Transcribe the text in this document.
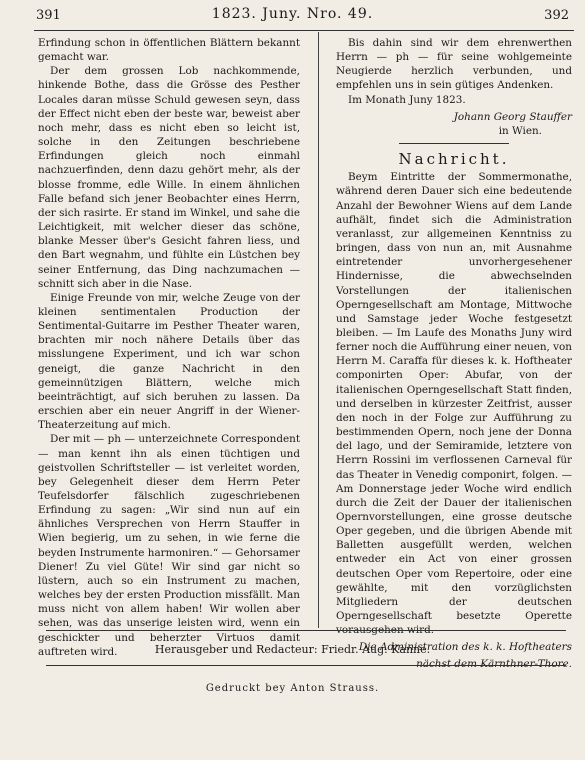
391	1823. Juny. Nro. 49.	392

Erfindung schon in öffentlichen Blättern bekannt gemacht war.

Der dem grossen Lob nachkommende, hinkende Bothe, dass die Grösse des Pesther Locales daran müsse Schuld gewesen seyn, dass der Effect nicht eben der beste war, beweist aber noch mehr, dass es nicht eben so leicht ist, solche in den Zeitungen beschriebene Erfindungen gleich noch einmahl nachzuerfinden, denn dazu gehört mehr, als der blosse fromme, edle Wille. In einem ähnlichen Falle befand sich jener Beobachter eines Herrn, der sich rasirte. Er stand im Winkel, und sahe die Leichtigkeit, mit welcher dieser das schöne, blanke Messer über's Gesicht fahren liess, und den Bart wegnahm, und fühlte ein Lüstchen bey seiner Entfernung, das Ding nachzumachen — schnitt sich aber in die Nase.

Einige Freunde von mir, welche Zeuge von der kleinen sentimentalen Production der Sentimental-Guitarre im Pesther Theater waren, brachten mir noch nähere Details über das misslungene Experiment, und ich war schon geneigt, die ganze Nachricht in den gemeinnützigen Blättern, welche mich beeinträchtigt, auf sich beruhen zu lassen. Da erschien aber ein neuer Angriff in der Wiener-Theaterzeitung auf mich.

Der mit — ph — unterzeichnete Correspondent — man kennt ihn als einen tüchtigen und geistvollen Schriftsteller — ist verleitet worden, bey Gelegenheit dieser dem Herrn Peter Teufelsdorfer fälschlich zugeschriebenen Erfindung zu sagen: „Wir sind nun auf ein ähnliches Versprechen von Herrn Stauffer in Wien begierig, um zu sehen, in wie ferne die beyden Instrumente harmoniren.“ — Gehorsamer Diener! Zu viel Güte! Wir sind gar nicht so lüstern, auch so ein Instrument zu machen, welches bey der ersten Production missfällt. Man muss nicht von allem haben! Wir wollen aber sehen, was das unserige leisten wird, wenn ein geschickter und beherzter Virtuos damit auftreten wird.

Bis dahin sind wir dem ehrenwerthen Herrn — ph — für seine wohlgemeinte Neugierde herzlich verbunden, und empfehlen uns in sein gütiges Andenken.

Im Monath Juny 1823.

Johann Georg Stauffer

in Wien.

Nachricht.

Beym Eintritte der Sommermonathe, während deren Dauer sich eine bedeutende Anzahl der Bewohner Wiens auf dem Lande aufhält, findet sich die Administration veranlasst, zur allgemeinen Kenntniss zu bringen, dass von nun an, mit Ausnahme eintretender unvorhergesehener Hindernisse, die abwechselnden Vorstellungen der italienischen Operngesellschaft am Montage, Mittwoche und Samstage jeder Woche festgesetzt bleiben. — Im Laufe des Monaths Juny wird ferner noch die Aufführung einer neuen, von Herrn M. Caraffa für dieses k. k. Hoftheater componirten Oper: Abufar, von der italienischen Operngesellschaft Statt finden, und derselben in kürzester Zeitfrist, ausser den noch in der Folge zur Aufführung zu bestimmenden Opern, noch jene der Donna del lago, und der Semiramide, letztere von Herrn Rossini im verflossenen Carneval für das Theater in Venedig componirt, folgen. — Am Donnerstage jeder Woche wird endlich durch die Zeit der Dauer der italienischen Opernvorstellungen, eine grosse deutsche Oper gegeben, und die übrigen Abende mit Balletten ausgefüllt werden, welchen entweder ein Act von einer grossen deutschen Oper vom Repertoire, oder eine gewählte, mit den vorzüglichsten Mitgliedern der deutschen Operngesellschaft besetzte Operette vorausgehen wird.

Die Administration des k. k. Hoftheaters

nächst dem Kärnthner-Thore.

Herausgeber und Redacteur: Friedr. Aug. Kanne.
Gedruckt bey Anton Strauss.
